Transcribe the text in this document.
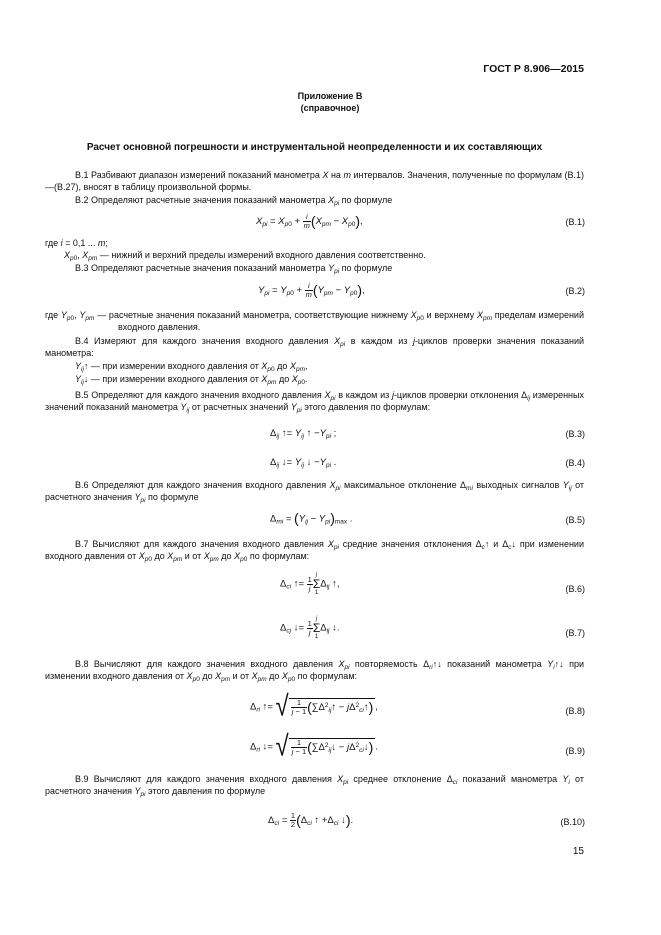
ГОСТ Р 8.906—2015
Приложение В
(справочное)
Расчет основной погрешности и инструментальной неопределенности и их составляющих
В.1 Разбивают диапазон измерений показаний манометра X на m интервалов. Значения, полученные по формулам (В.1)—(В.27), вносят в таблицу произвольной формы.
В.2 Определяют расчетные значения показаний манометра $X_{pi}$ по формуле
$X_{pi} = X_{p0} + \frac{i}{m} (X_{pm} - X_{p0})$,	(В.1)
где i = 0,1 ... m;
$X_{p0}$, $X_{pm}$ — нижний и верхний пределы измерений входного давления соответственно.
В.3 Определяют расчетные значения показаний манометра $Y_{pi}$ по формуле
$Y_{pi} = Y_{p0} + \frac{i}{m} (Y_{pm} - Y_{p0})$,	(В.2)
где $Y_{p0}$, $Y_{pm}$ — расчетные значения показаний манометра, соответствующие нижнему $X_{p0}$ и верхнему $X_{pm}$ пределам измерений входного давления.
В.4 Измеряют для каждого значения входного давления $X_{pi}$ в каждом из j-циклов проверки значения показаний манометра:
$Y_{ij}↑$ — при измерении входного давления от $X_{p0}$ до $X_{pm}$,
$Y_{ij}↓$ — при измерении входного давления от $X_{pm}$ до $X_{p0}$.
В.5 Определяют для каждого значения входного давления $X_{pi}$ в каждом из j-циклов проверки отклонения $\Delta_{ij}$ измеренных значений показаний манометра $Y_{ij}$ от расчетных значений $Y_{pi}$ этого давления по формулам:
$\Delta_{ij}$ ↑= $Y_{ij}$ ↑ $-Y_{pi}$ ;	(В.3)
$\Delta_{ij}$ ↓= $Y_{ij}$ ↓ $-Y_{pi}$ .	(В.4)
В.6 Определяют для каждого значения входного давления $X_{pi}$ максимальное отклонение $\Delta_{mi}$ выходных сигналов $Y_{ij}$ от расчетного значения $Y_{pi}$ по формуле
$\Delta_{mi} = (Y_{ij} - Y_{pi})_{max}$ .	(В.5)
В.7 Вычисляют для каждого значения входного давления $X_{pi}$ средние значения отклонения $\Delta_c↑$ и $\Delta_c↓$ при изменении входного давления от $X_{p0}$ до $X_{pm}$ и от $X_{pm}$ до $X_{p0}$ по формулам:
$\Delta_{ci}$ ↑= $\frac{1}{j}$
j
Σ
$1\Delta_{ij}$ ↑,	(В.6)
$\Delta_{cj}$ ↓= $\frac{1}{j}$
j
Σ
$1\Delta_{ij}$ ↓.	(В.7)
В.8 Вычисляют для каждого значения входного давления $X_{pi}$ повторяемость $\Delta_{ri}↑↓$ показаний манометра $Y_i↑↓$ при изменении входного давления от $X_{p0}$ до $X_{pm}$ и от $X_{pm}$ до $X_{p0}$ по формулам:
$\Delta_{ri}$ ↑= √ $\frac{1}{j - 1}$ ($\sum\Delta^2_{ij}↑$ − $j\Delta^2_{ci}↑$) ,	(В.8)
$\Delta_{ri}$ ↓= √ $\frac{1}{j - 1}$ ($\sum\Delta^2_{ij}↓$ − $j\Delta^2_{ci}↓$) .	(В.9)
В.9 Вычисляют для каждого значения входного давления $X_{pi}$ среднее отклонение $\Delta_{ci}$ показаний манометра $Y_i$ от расчетного значения $Y_{pi}$ этого давления по формуле
$\Delta_{ci} = \frac{1}{2} (\Delta_{ci}$ ↑ $+\Delta_{ci}$ ↓).	(В.10)
15
